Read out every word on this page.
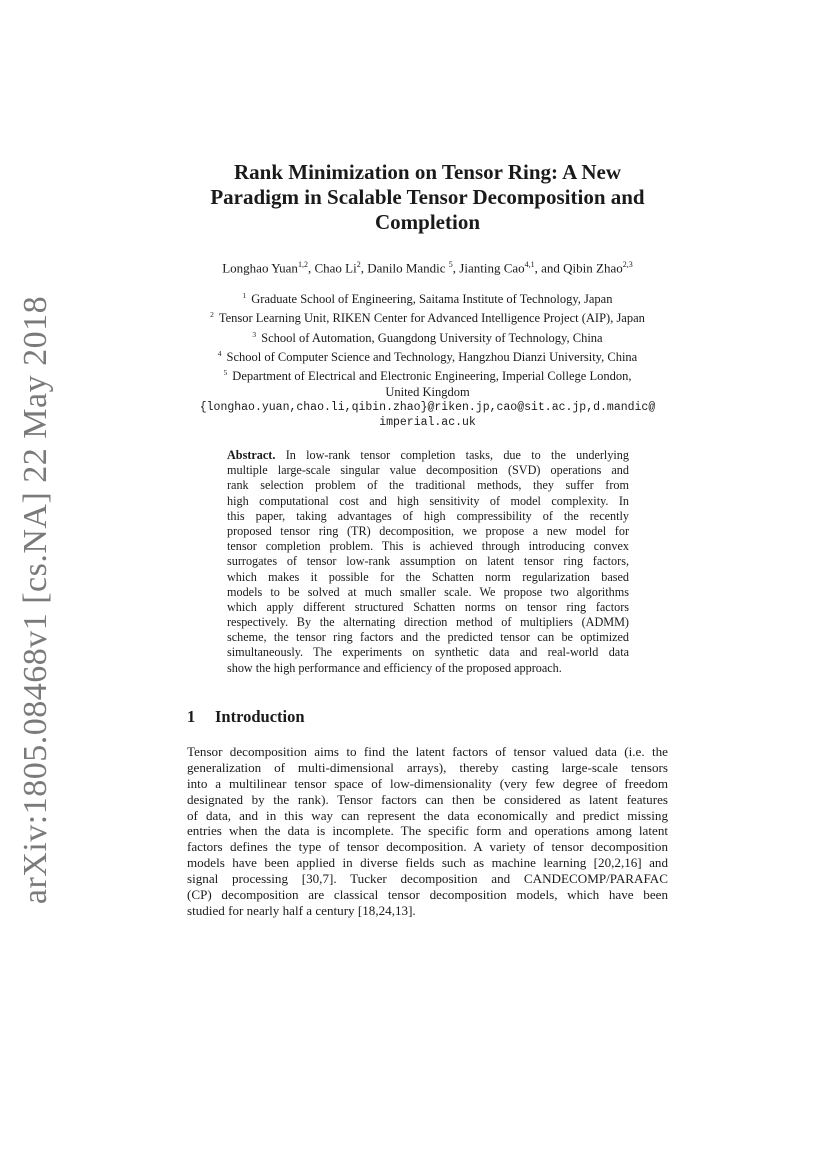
arXiv:1805.08468v1 [cs.NA] 22 May 2018
Rank Minimization on Tensor Ring: A New
Paradigm in Scalable Tensor Decomposition and
Completion
Longhao Yuan$^{1,2}$, Chao Li$^2$, Danilo Mandic $^5$, Jianting Cao$^{4,1}$, and Qibin Zhao$^{2,3}$
$^1$ Graduate School of Engineering, Saitama Institute of Technology, Japan
$^2$ Tensor Learning Unit, RIKEN Center for Advanced Intelligence Project (AIP), Japan
$^3$ School of Automation, Guangdong University of Technology, China
$^4$ School of Computer Science and Technology, Hangzhou Dianzi University, China
$^5$ Department of Electrical and Electronic Engineering, Imperial College London,
United Kingdom
{longhao.yuan,chao.li,qibin.zhao}@riken.jp,cao@sit.ac.jp,d.mandic@
imperial.ac.uk
Abstract. In low-rank tensor completion tasks, due to the underlying
multiple large-scale singular value decomposition (SVD) operations and
rank selection problem of the traditional methods, they suffer from
high computational cost and high sensitivity of model complexity. In
this paper, taking advantages of high compressibility of the recently
proposed tensor ring (TR) decomposition, we propose a new model for
tensor completion problem. This is achieved through introducing convex
surrogates of tensor low-rank assumption on latent tensor ring factors,
which makes it possible for the Schatten norm regularization based
models to be solved at much smaller scale. We propose two algorithms
which apply different structured Schatten norms on tensor ring factors
respectively. By the alternating direction method of multipliers (ADMM)
scheme, the tensor ring factors and the predicted tensor can be optimized
simultaneously. The experiments on synthetic data and real-world data
show the high performance and efficiency of the proposed approach.
1 Introduction
Tensor decomposition aims to find the latent factors of tensor valued data (i.e. the
generalization of multi-dimensional arrays), thereby casting large-scale tensors
into a multilinear tensor space of low-dimensionality (very few degree of freedom
designated by the rank). Tensor factors can then be considered as latent features
of data, and in this way can represent the data economically and predict missing
entries when the data is incomplete. The specific form and operations among latent
factors defines the type of tensor decomposition. A variety of tensor decomposition
models have been applied in diverse fields such as machine learning [20,2,16] and
signal processing [30,7]. Tucker decomposition and CANDECOMP/PARAFAC
(CP) decomposition are classical tensor decomposition models, which have been
studied for nearly half a century [18,24,13].
